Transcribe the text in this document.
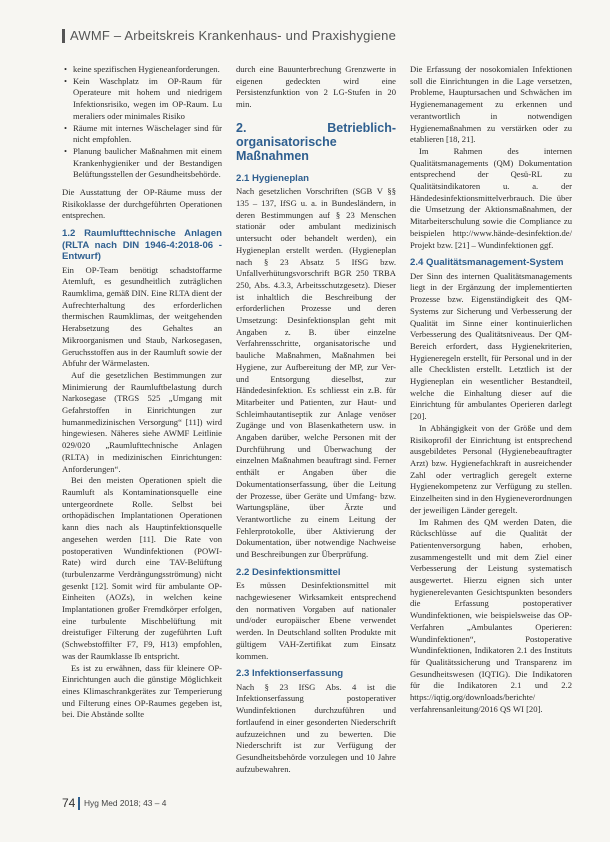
AWMF – Arbeitskreis Krankenhaus- und Praxishygiene
• keine spezifischen Hygieneanforderungen.
• Kein Waschplatz im OP-Raum für Operateure mit hohem und niedrigem Infektionsrisiko, wegen im OP-Raum. Lu meraliers oder minimales Risiko
• Räume mit internes Wäschelager sind für nicht empfohlen.
• Planung baulicher Maßnahmen mit einem Krankenhygieniker und der Bestandigen Belüftungsstellen der Gesundheitsbehörde.

Die Ausstattung der OP-Räume muss der Risikoklasse der durchgeführten Operationen entsprechen.

1.2 Raumlufttechnische Anlagen (RLTA nach DIN 1946-4:2018-06 - Entwurf)

Ein OP-Team benötigt schadstoffarme Atemluft, es gesundheitlich zuträglichen Raumklima, gemäß DIN. Eine RLTA dient der Aufrechterhaltung des erforderlichen thermischen Raumklimas, der weitgehenden Herabsetzung des Gehaltes an Mikroorganismen und Staub, Narkosegasen, Geruchsstoffen aus in der Raumluft sowie der Abfuhr der Wärmelasten.

Auf die gesetzlichen Bestimmungen zur Minimierung der Raumluftbelastung durch Narkosegase (TRGS 525 „Umgang mit Gefahrstoffen in Einrichtungen zur humanmedizinischen Versorgung“ [11]) wird hingewiesen. Näheres siehe AWMF Leitlinie 029/020 „Raumlufttechnische Anlagen (RLTA) in medizinischen Einrichtungen: Anforderungen“.

Bei den meisten Operationen spielt die Raumluft als Kontaminationsquelle eine untergeordnete Rolle. Selbst bei orthopädischen Implantationen Operationen kann dies nach als Hauptinfektionsquelle angesehen werden [11]. Die Rate von postoperativen Wundinfektionen (POWI-Rate) wird durch eine TAV-Belüftung (turbulenzarme Verdrängungsströmung) nicht gesenkt [12]. Somit wird für ambulante OP-Einheiten (AOZs), in welchen keine Implantationen großer Fremdkörper erfolgen, eine turbulente Mischbelüftung mit dreistufiger Filterung der zugeführten Luft (Schwebstoffilter F7, F9, H13) empfohlen, was der Raumklasse Ib entspricht.

Es ist zu erwähnen, dass für kleinere OP-Einrichtungen auch die günstige Möglichkeit eines Klimaschrankgerätes zur Temperierung und Filterung eines OP-Raumes gegeben ist, bei. Die Abstände sollte

durch eine Bauunterbrechung Grenzwerte in eigenen gedeckten wird eine Persistenzfunktion von 2 LG-Stufen in 20 min.

2. Betrieblich-organisatorische Maßnahmen
2.1 Hygieneplan

Nach gesetzlichen Vorschriften (SGB V §§ 135 – 137, IfSG u. a. in Bundesländern, in deren Bestimmungen auf § 23 Menschen stationär oder ambulant medizinisch untersucht oder behandelt werden), ein Hygieneplan erstellt werden. (Hygieneplan nach § 23 Absatz 5 IfSG bzw. Unfallverhütungsvorschrift BGR 250 TRBA 250, Abs. 4.3.3, Arbeitsschutzgesetz). Dieser ist inhaltlich die Beschreibung der erforderlichen Prozesse und deren Umsetzung: Desinfektionsplan geht mit Angaben z. B. über einzelne Verfahrensschritte, organisatorische und bauliche Maßnahmen, Maßnahmen bei Hygiene, zur Aufbereitung der MP, zur Ver- und Entsorgung dieselbst, zur Händedesinfektion. Es schliesst ein z.B. für Mitarbeiter und Patienten, zur Haut- und Schleimhautantiseptik zur Anlage venöser Zugänge und von Blasenkathetern usw. in Angaben darüber, welche Personen mit der Durchführung und Überwachung der einzelnen Maßnahmen beauftragt sind. Ferner enthält er Angaben über die Dokumentationserfassung, über die Leitung der Prozesse, über Geräte und Umfang- bzw. Wartungspläne, über Ärzte und Verantwortliche zu einem Leitung der Fehlerprotokolle, über Aktivierung der Dokumentation, über notwendige Nachweise und Beschreibungen zur Überprüfung.

2.2 Desinfektionsmittel

Es müssen Desinfektionsmittel mit nachgewiesener Wirksamkeit entsprechend den normativen Vorgaben auf nationaler und/oder europäischer Ebene verwendet werden. In Deutschland sollten Produkte mit gültigem VAH-Zertifikat zum Einsatz kommen.

2.3 Infektionserfassung

Nach § 23 IfSG Abs. 4 ist die Infektionserfassung postoperativer Wundinfektionen durchzuführen und fortlaufend in einer gesonderten Niederschrift aufzuzeichnen und zu bewerten. Die Niederschrift ist zur Verfügung der Gesundheitsbehörde vorzulegen und 10 Jahre aufzubewahren.

Die Erfassung der nosokomialen Infektionen soll die Einrichtungen in die Lage versetzen, Probleme, Hauptursachen und Schwächen im Hygienemanagement zu erkennen und verantwortlich in notwendigen Hygienemaßnahmen zu verstärken oder zu etablieren [18, 21].

Im Rahmen des internen Qualitätsmanagements (QM) Dokumentation entsprechend der Qesü-RL zu Qualitätsindikatoren u. a. der Händedesinfektionsmittelverbrauch. Die über die Umsetzung der Aktionsmaßnahmen, der Mitarbeiterschulung sowie die Compliance zu beispielen http://www.hände-desinfektion.de/ Projekt bzw. [21] – Wundinfektionen ggf.

2.4 Qualitätsmanagement-System

Der Sinn des internen Qualitätsmanagements liegt in der Ergänzung der implementierten Prozesse bzw. Eigenständigkeit des QM-Systems zur Sicherung und Verbesserung der Qualität im Sinne einer kontinuierlichen Verbesserung des Qualitätsniveaus. Der QM-Bereich erfordert, dass Hygienekriterien, Hygieneregeln erstellt, für Personal und in der alle Checklisten erstellt. Letztlich ist der Hygieneplan ein wesentlicher Bestandteil, welche die Einhaltung dieser auf die Einrichtung für ambulantes Operieren darlegt [20].

In Abhängigkeit von der Größe und dem Risikoprofil der Einrichtung ist entsprechend ausgebildetes Personal (Hygienebeauftragter Arzt) bzw. Hygienefachkraft in ausreichender Zahl oder vertraglich geregelt externe Hygienekompetenz zur Verfügung zu stellen. Einzelheiten sind in den Hygieneverordnungen der jeweiligen Länder geregelt.

Im Rahmen des QM werden Daten, die Rückschlüsse auf die Qualität der Patientenversorgung haben, erhoben, zusammengestellt und mit dem Ziel einer Verbesserung der Leistung systematisch ausgewertet. Hierzu eignen sich unter hygienerelevanten Gesichtspunkten besonders die Erfassung postoperativer Wundinfektionen, wie beispielsweise das OP-Verfahren „Ambulantes Operieren: Wundinfektionen“, Postoperative Wundinfektionen, Indikatoren 2.1 des Instituts für Qualitätssicherung und Transparenz im Gesundheitswesen (IQTIG). Die Indikatoren für die Indikatoren 2.1 und 2.2 https://iqtig.org/downloads/berichte/ verfahrensanleitung/2016 QS WI [20].

74 Hyg Med 2018; 43 – 4
